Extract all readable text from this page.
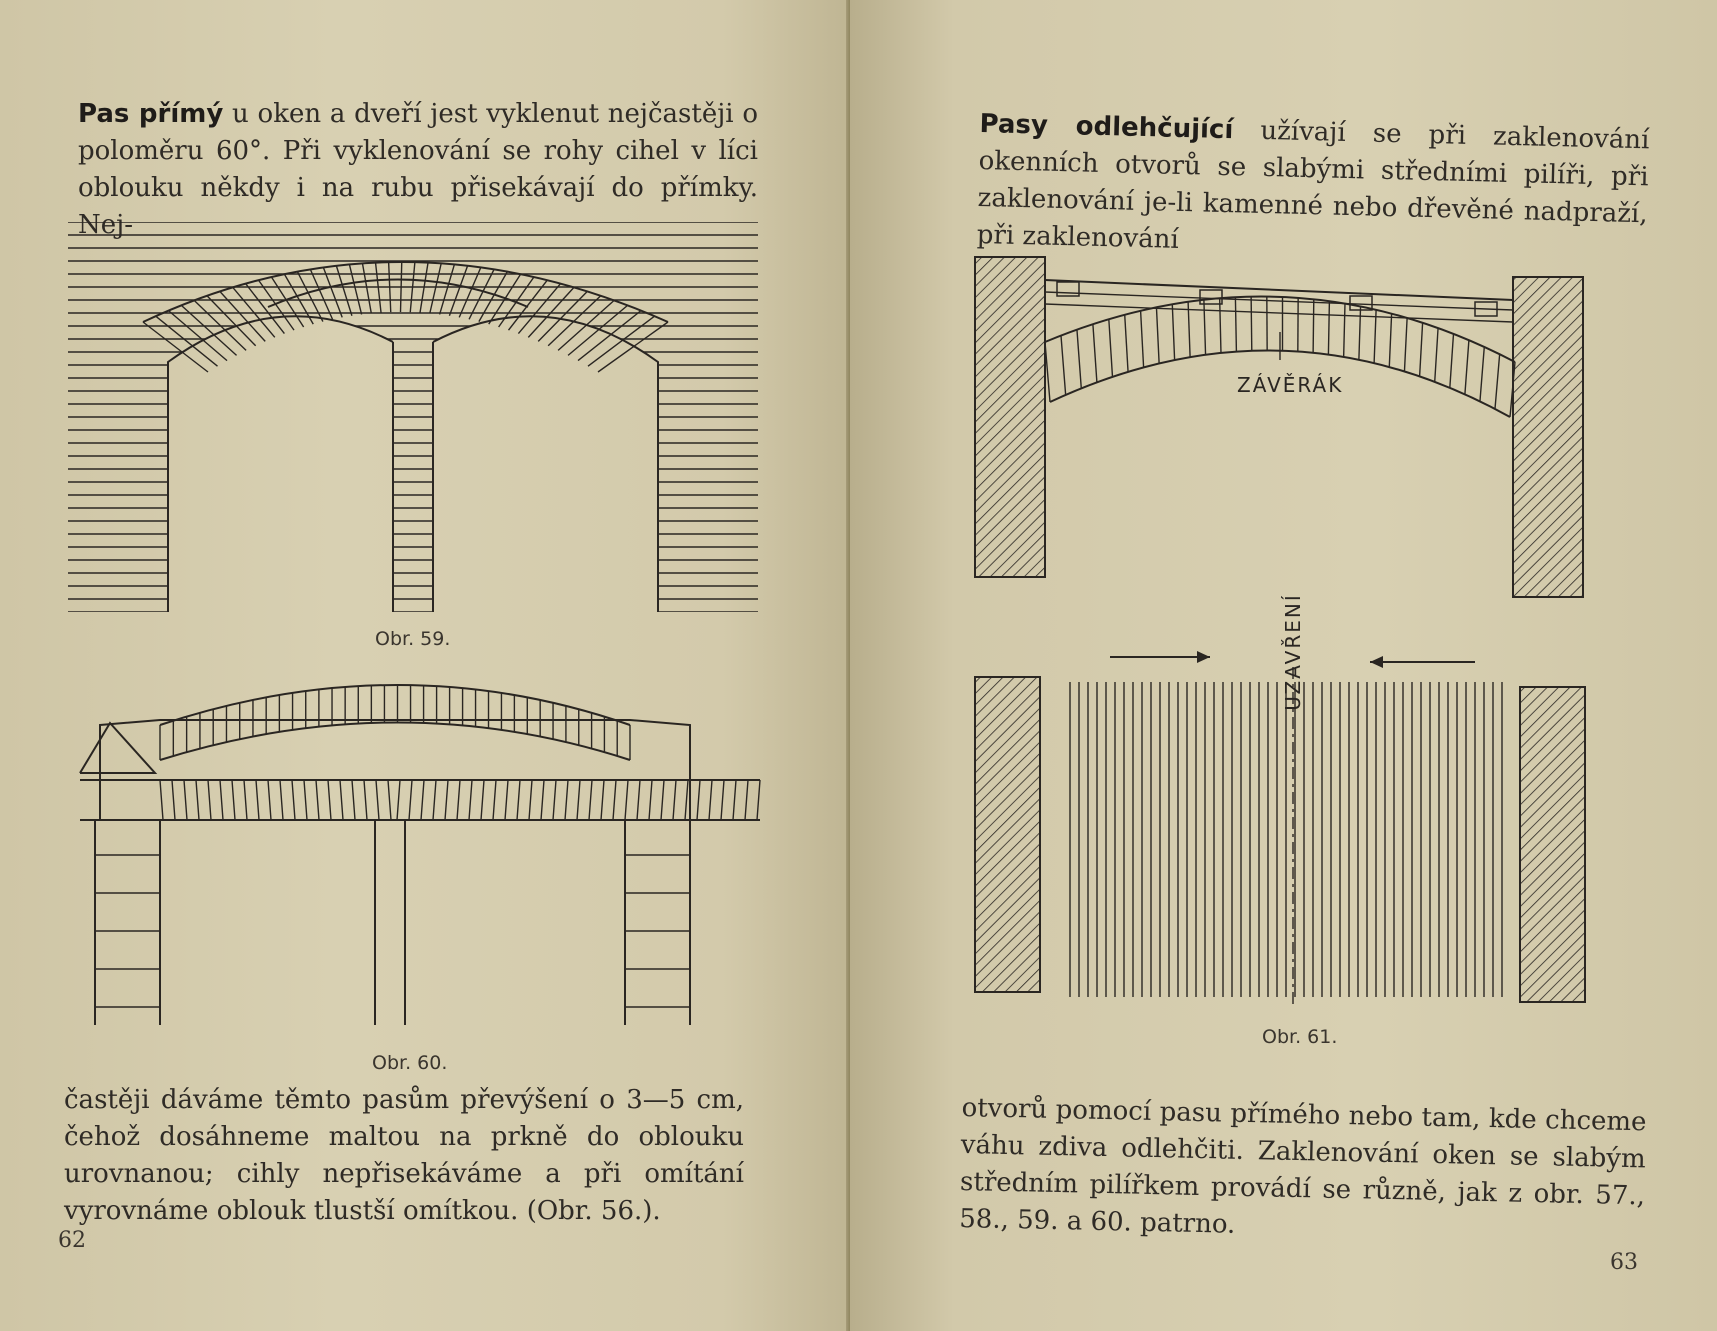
Pas přímý u oken a dveří jest vyklenut nejčastěji o poloměru 60°. Při vyklenování se rohy cihel v líci oblouku někdy i na rubu přisekávají do přímky. Nej-

Obr. 59.
Obr. 60.
častěji dáváme těmto pasům převýšení o 3—5 cm, čehož dosáhneme maltou na prkně do oblouku urovnanou; cihly nepřisekáváme a při omítání vyrovnáme oblouk tlustší omítkou. (Obr. 56.).
62

Pasy odlehčující užívají se při zaklenování okenních otvorů se slabými středními pilíři, při zaklenování je-li kamenné nebo dřevěné nadpraží, při zaklenování

ZÁVĚRÁK
UZAVŘENÍ
Obr. 61.
otvorů pomocí pasu přímého nebo tam, kde chceme váhu zdiva odlehčiti. Zaklenování oken se slabým středním pilířkem provádí se různě, jak z obr. 57., 58., 59. a 60. patrno.
63
